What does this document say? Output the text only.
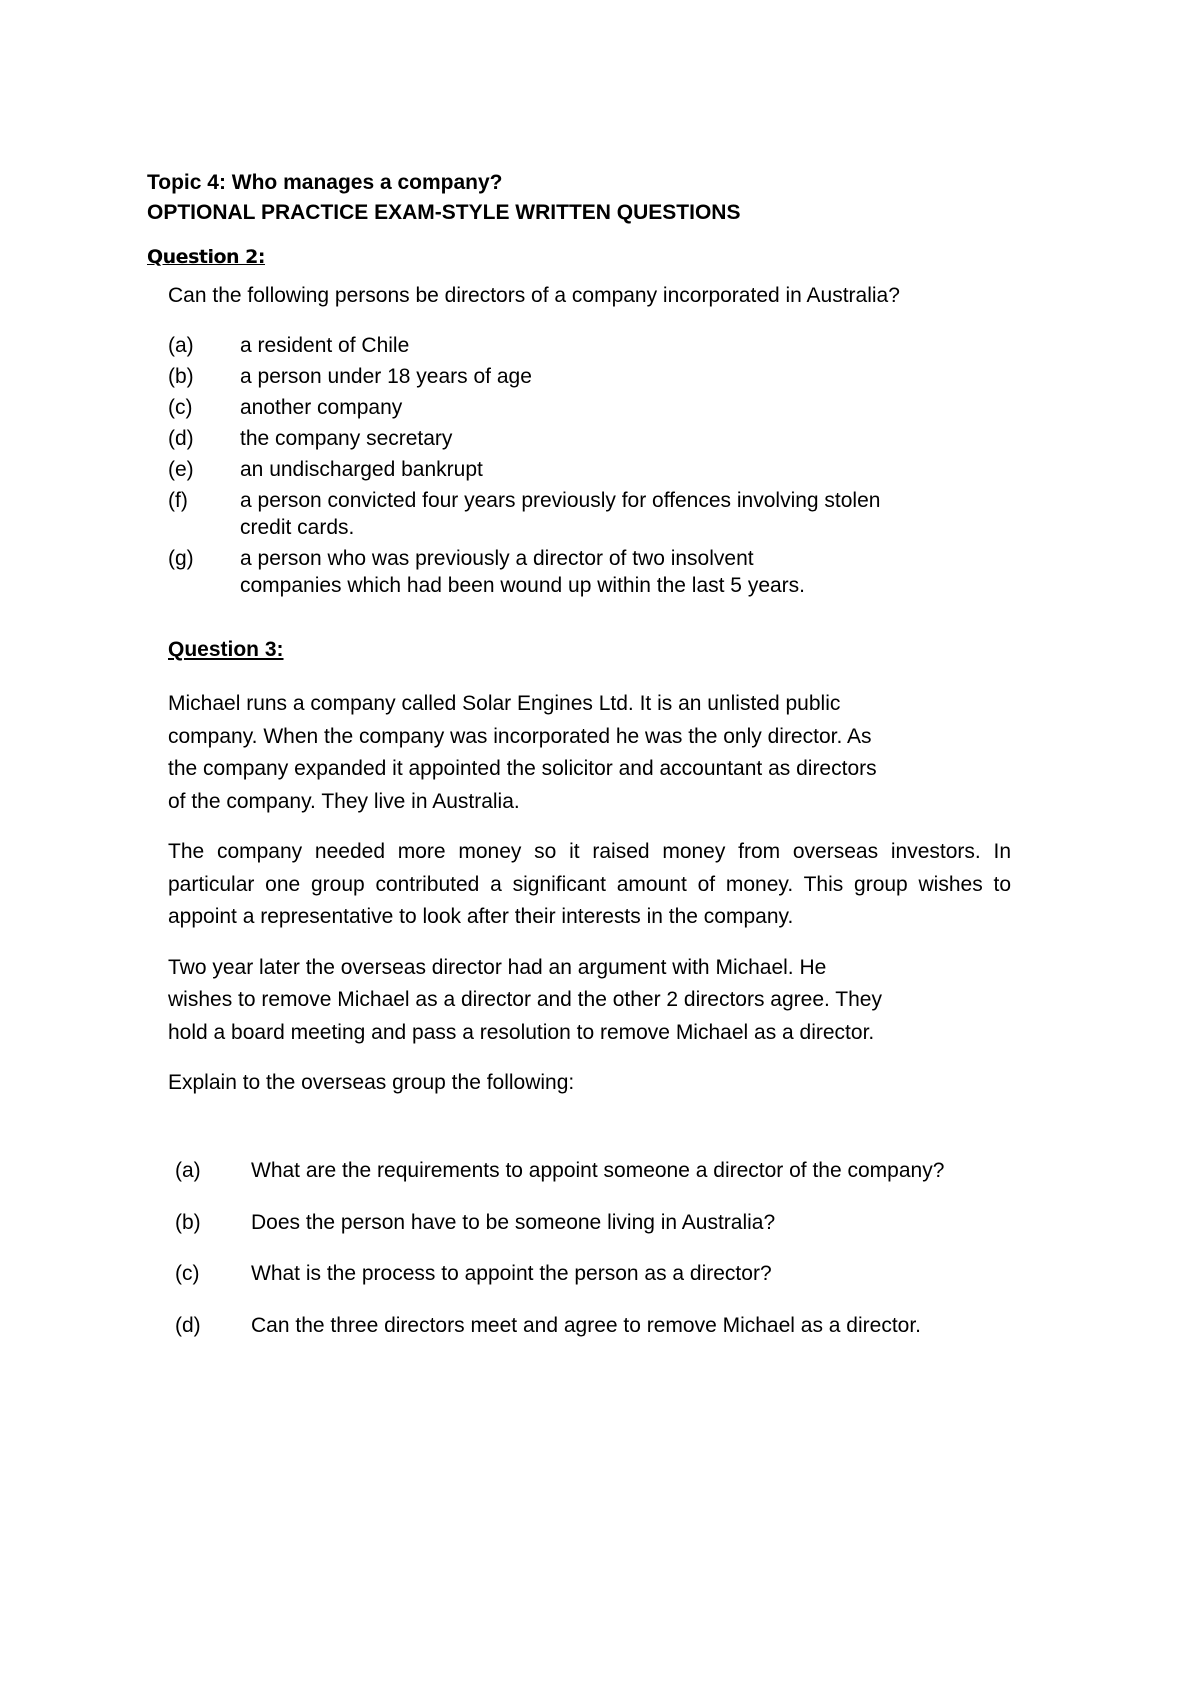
Topic 4: Who manages a company?
OPTIONAL PRACTICE EXAM-STYLE WRITTEN QUESTIONS
Question 2:
Can the following persons be directors of a company incorporated in Australia?
(a)	a resident of Chile
(b)	a person under 18 years of age
(c)	another company
(d)	the company secretary
(e)	an undischarged bankrupt
(f)	a person convicted four years previously for offences involving stolen
credit cards.
(g)	a person who was previously a director of two insolvent
companies which had been wound up within the last 5 years.
Question 3:

Michael runs a company called Solar Engines Ltd. It is an unlisted public
company. When the company was incorporated he was the only director. As
the company expanded it appointed the solicitor and accountant as directors
of the company. They live in Australia.

The company needed more money so it raised money from overseas investors. In particular one group contributed a significant amount of money. This group wishes to appoint a representative to look after their interests in the company.

Two year later the overseas director had an argument with Michael. He
wishes to remove Michael as a director and the other 2 directors agree. They
hold a board meeting and pass a resolution to remove Michael as a director.

Explain to the overseas group the following:

(a)	What are the requirements to appoint someone a director of the company?
(b)	Does the person have to be someone living in Australia?
(c)	What is the process to appoint the person as a director?
(d)	Can the three directors meet and agree to remove Michael as a director.
